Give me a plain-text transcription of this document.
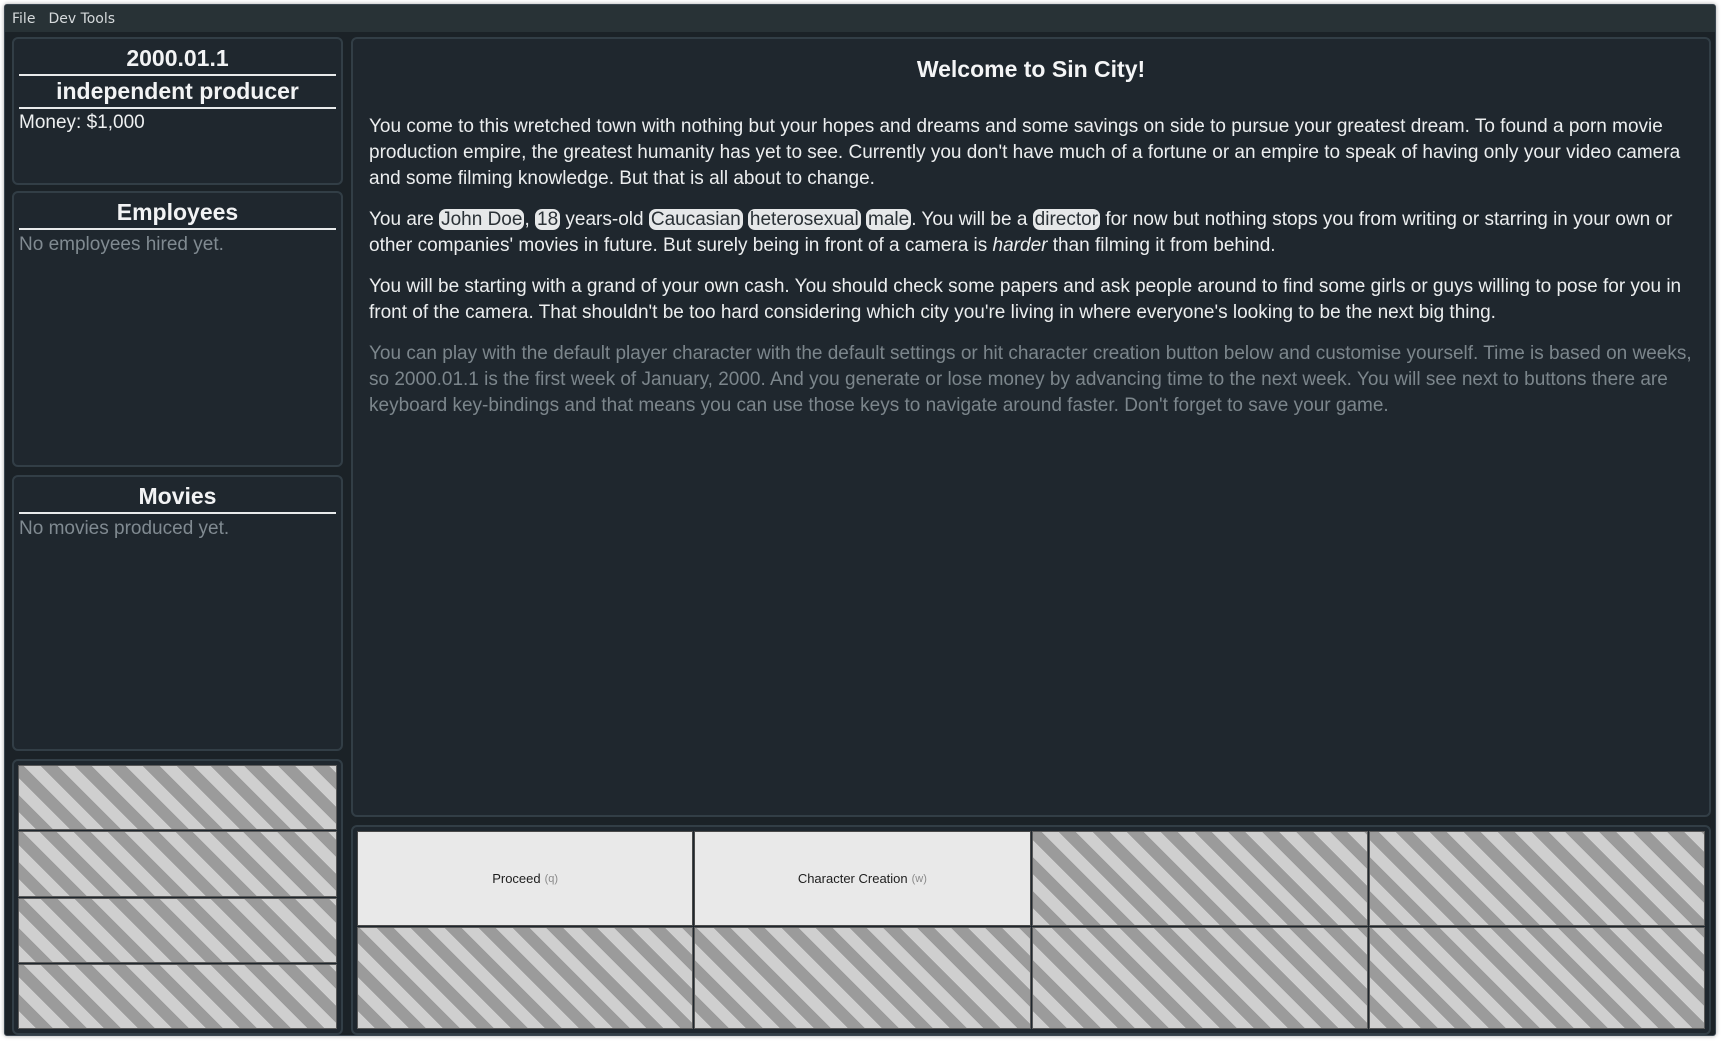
File Dev Tools
2000.01.1
independent producer
Money: $1,000
Employees
No employees hired yet.
Movies
No movies produced yet.
Welcome to Sin City!

You come to this wretched town with nothing but your hopes and dreams and some savings on side to pursue your greatest dream. To found a porn movie production empire, the greatest humanity has yet to see. Currently you don't have much of a fortune or an empire to speak of having only your video camera and some filming knowledge. But that is all about to change.

You are John Doe , 18 years-old Caucasian heterosexual male . You will be a director for now but nothing stops you from writing or starring in your own or other companies' movies in future. But surely being in front of a camera is harder than filming it from behind.

You will be starting with a grand of your own cash. You should check some papers and ask people around to find some girls or guys willing to pose for you in front of the camera. That shouldn't be too hard considering which city you're living in where everyone's looking to be the next big thing.

You can play with the default player character with the default settings or hit character creation button below and customise yourself. Time is based on weeks, so 2000.01.1 is the first week of January, 2000. And you generate or lose money by advancing time to the next week. You will see next to buttons there are keyboard key-bindings and that means you can use those keys to navigate around faster. Don't forget to save your game.

Proceed (q)	Character Creation (w)
